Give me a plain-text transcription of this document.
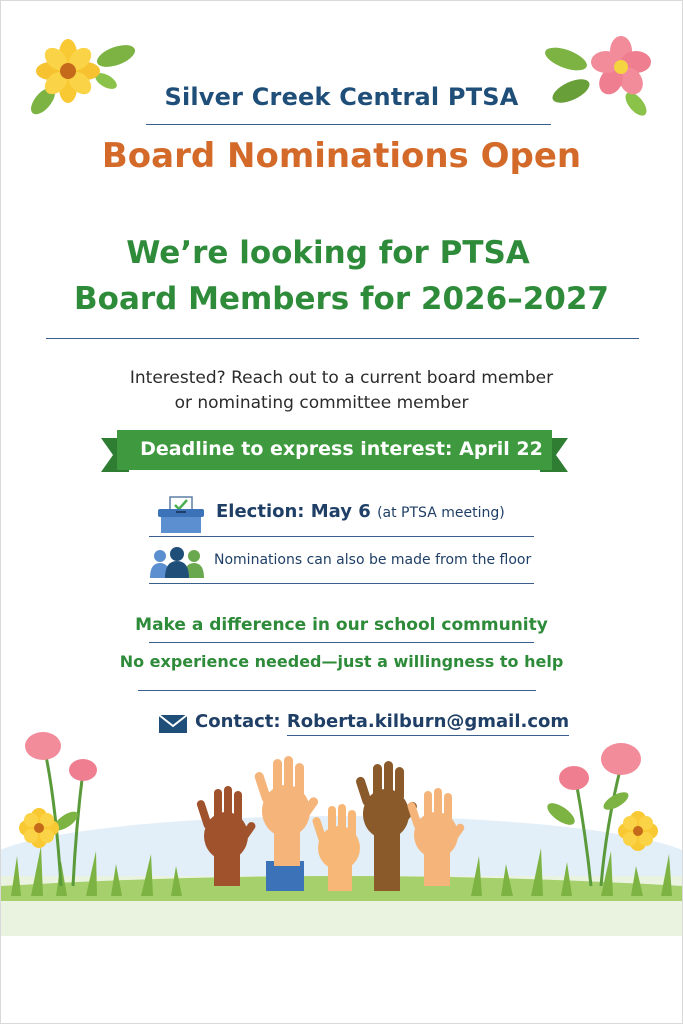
Silver Creek Central PTSA
Board Nominations Open
We’re looking for PTSA
Board Members for 2026–2027
Interested? Reach out to a current board member
or nominating committee member
Deadline to express interest: April 22
Election: May 6 (at PTSA meeting)
Nominations can also be made from the floor
Make a difference in our school community
No experience needed—just a willingness to help
Contact: Roberta.kilburn@gmail.com
